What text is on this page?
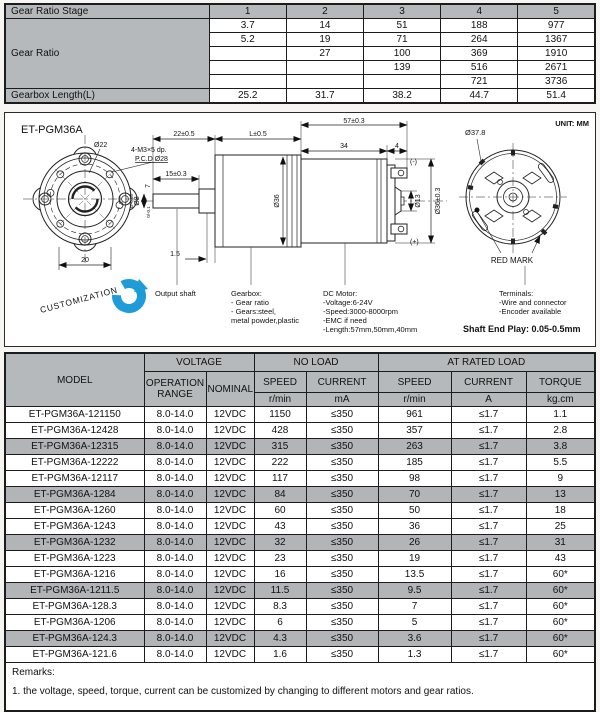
Gear Ratio Stage	1	2	3	4	5
Gear Ratio	3.7	14	51	188	977
	5.2	19	71	264	1367
		27	100	369	1910
			139	516	2671
				721	3736
Gearbox Length(L)	25.2	31.7	38.2	44.7	51.4
ET-PGM36A
UNIT: MM
Ø22
4-M3×5 dp.
P.C.D Ø28
20
22±0.5	L±0.5
57±0.3
34	4
15±0.3
1.5
Ø36
Ø8
0/-0.03
7
0/-0.1
Ø13 Ø36±0.3
(-)
(+)
Ø37.8
RED MARK
Output shaft	Gearbox:
- Gear ratio
- Gears:steel,
metal powder,plastic
DC Motor:
-Voltage:6-24V
-Speed:3000-8000rpm
-EMC if need
-Length:57mm,50mm,40mm
Terminals:
-Wire and connector
-Encoder available
Shaft End Play: 0.05-0.5mm
CUSTOMIZATION
MODEL	VOLTAGE		NO LOAD		AT RATED LOAD		
	OPERATION RANGE	NOMINAL	SPEED	CURRENT	SPEED	CURRENT	TORQUE
			r/min	mA	r/min	A	kg.cm
ET-PGM36A-121150	8.0-14.0	12VDC	1150	≤350	961	≤1.7	1.1
ET-PGM36A-12428	8.0-14.0	12VDC	428	≤350	357	≤1.7	2.8
ET-PGM36A-12315	8.0-14.0	12VDC	315	≤350	263	≤1.7	3.8
ET-PGM36A-12222	8.0-14.0	12VDC	222	≤350	185	≤1.7	5.5
ET-PGM36A-12117	8.0-14.0	12VDC	117	≤350	98	≤1.7	9
ET-PGM36A-1284	8.0-14.0	12VDC	84	≤350	70	≤1.7	13
ET-PGM36A-1260	8.0-14.0	12VDC	60	≤350	50	≤1.7	18
ET-PGM36A-1243	8.0-14.0	12VDC	43	≤350	36	≤1.7	25
ET-PGM36A-1232	8.0-14.0	12VDC	32	≤350	26	≤1.7	31
ET-PGM36A-1223	8.0-14.0	12VDC	23	≤350	19	≤1.7	43
ET-PGM36A-1216	8.0-14.0	12VDC	16	≤350	13.5	≤1.7	60*
ET-PGM36A-1211.5	8.0-14.0	12VDC	11.5	≤350	9.5	≤1.7	60*
ET-PGM36A-128.3	8.0-14.0	12VDC	8.3	≤350	7	≤1.7	60*
ET-PGM36A-1206	8.0-14.0	12VDC	6	≤350	5	≤1.7	60*
ET-PGM36A-124.3	8.0-14.0	12VDC	4.3	≤350	3.6	≤1.7	60*
ET-PGM36A-121.6	8.0-14.0	12VDC	1.6	≤350	1.3	≤1.7	60*

Remarks:
1. the voltage, speed, torque, current can be customized by changing to different motors and gear ratios.							
